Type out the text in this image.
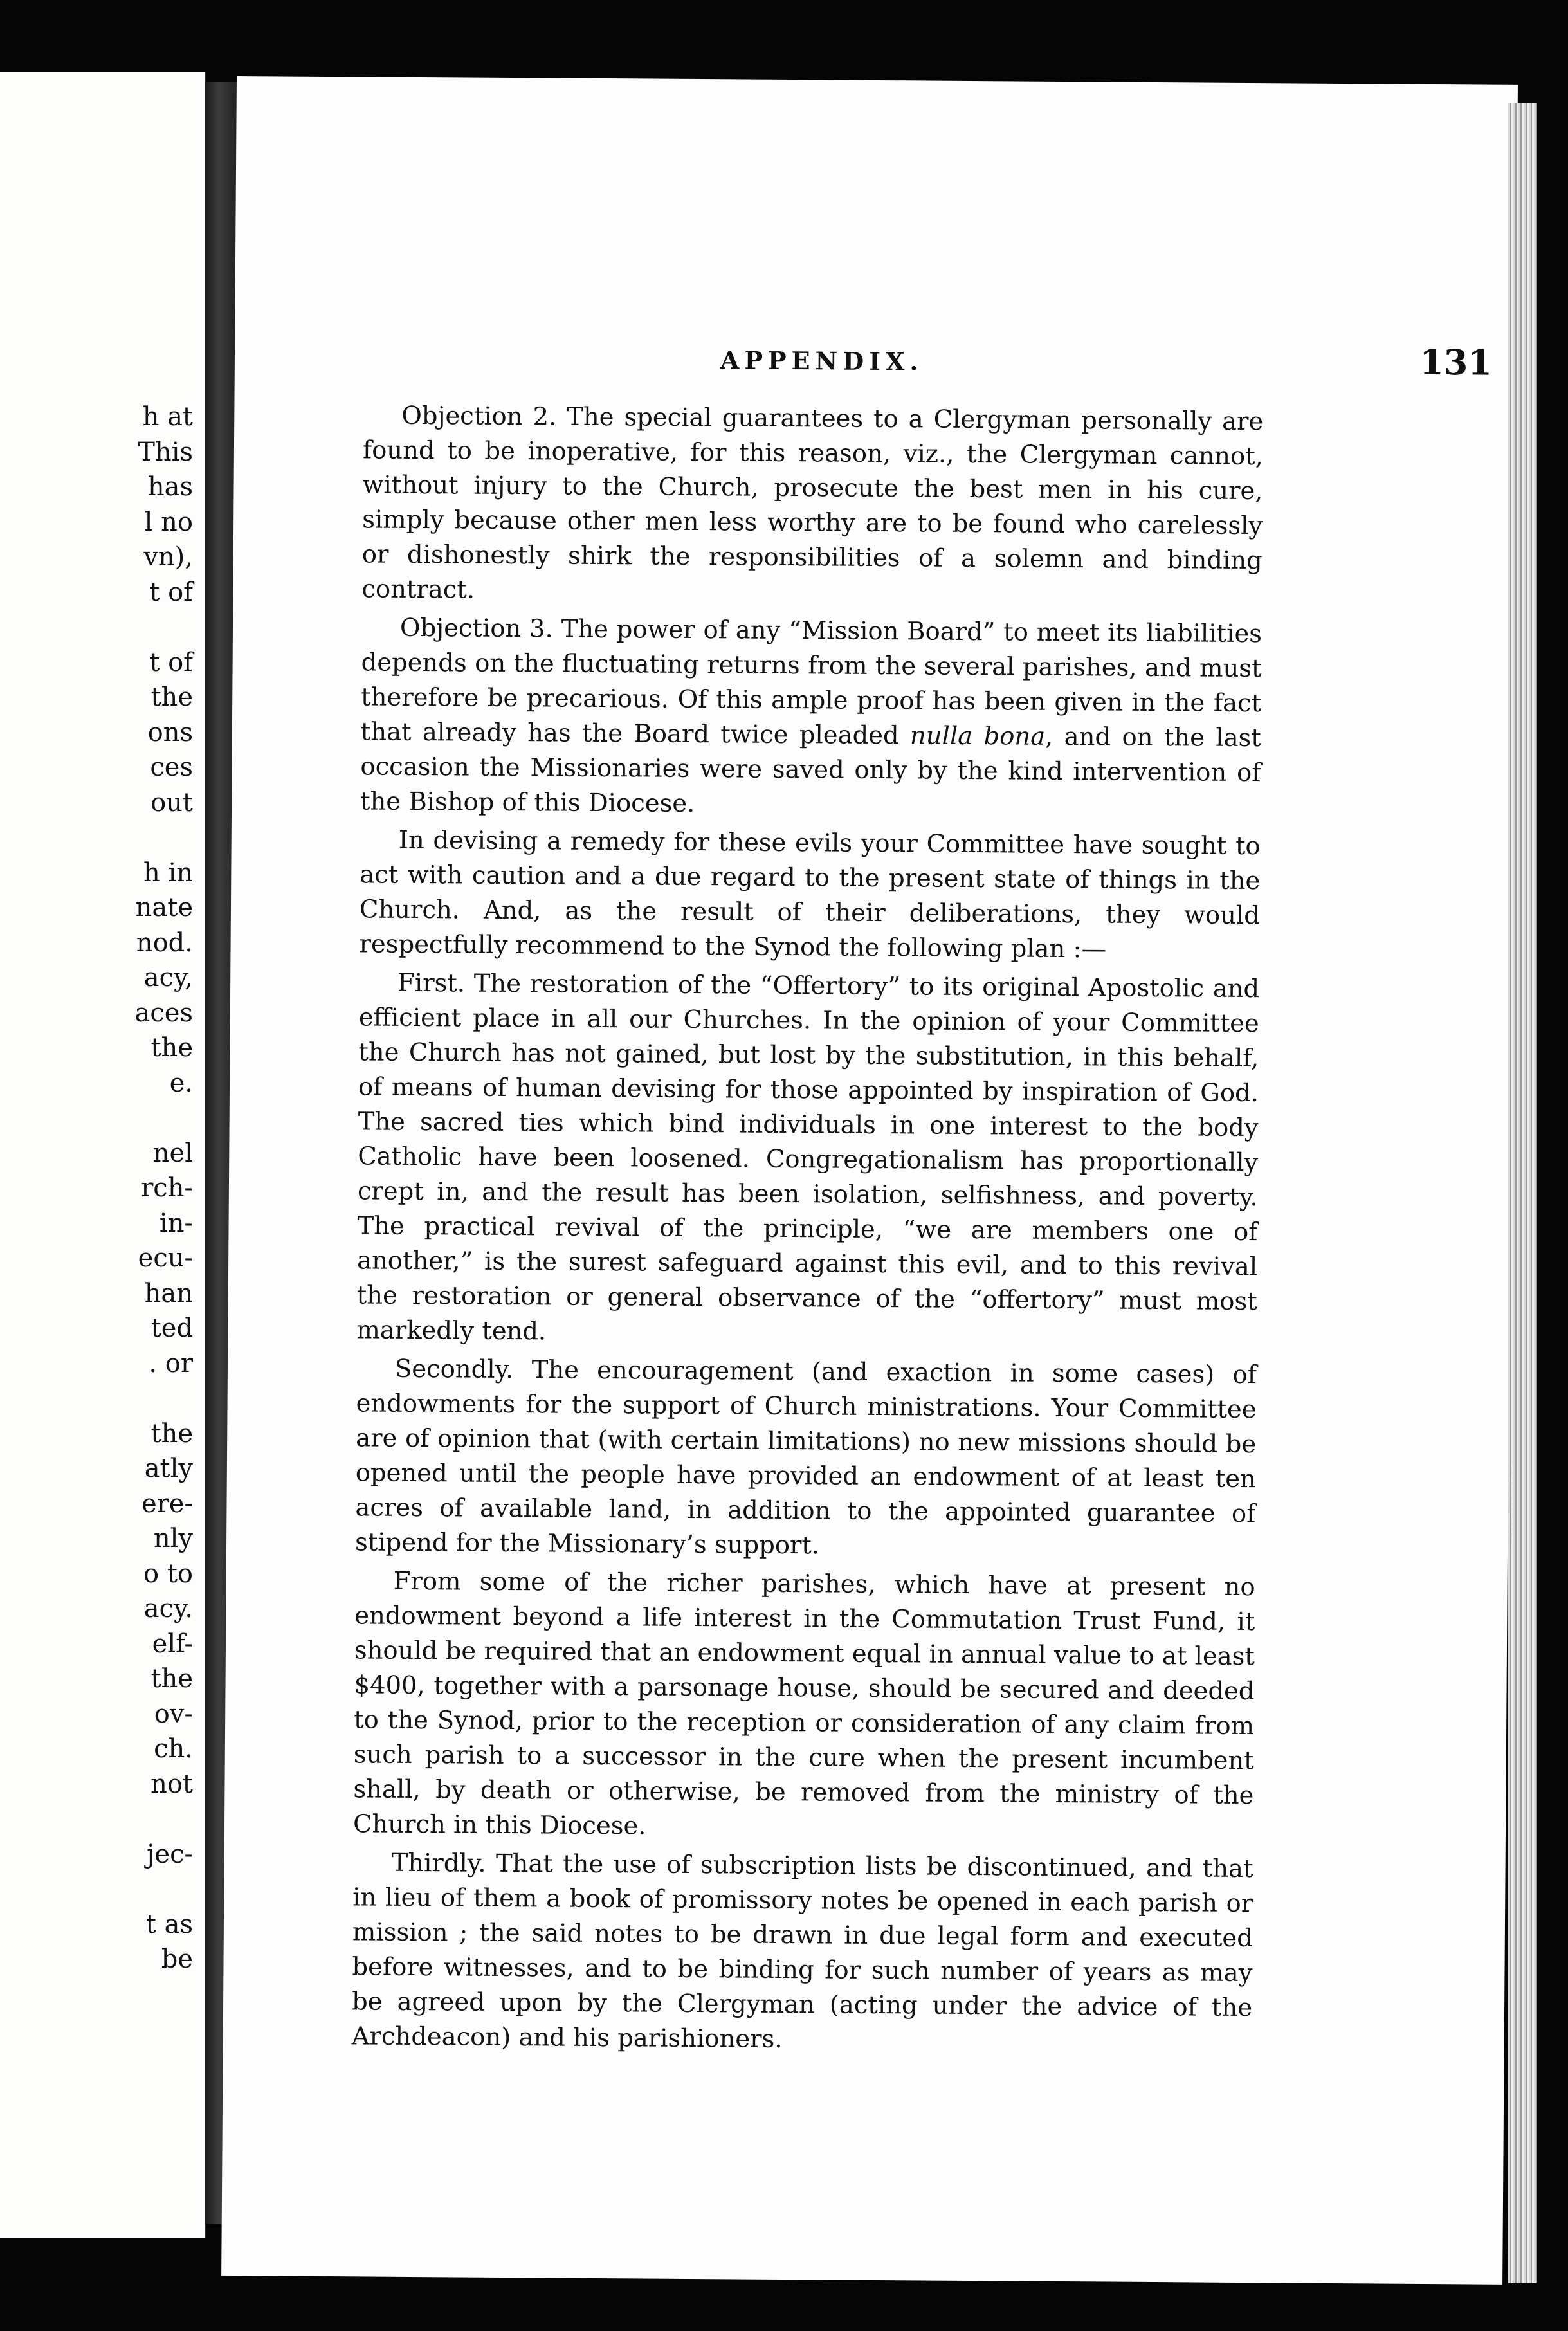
h at
This
has
l no
vn),
t of
t of
the
ons
ces
out
h in
nate
nod.
acy,
aces
the
e.
nel
rch-
in-
ecu-
han
ted
. or
the
atly
ere-
nly
o to
acy.
elf-
the
ov-
ch.
not
jec-
t as
be
APPENDIX.	131

Objection 2. The special guarantees to a Clergyman personally are found to be inoperative, for this reason, viz., the Clergyman cannot, without injury to the Church, prosecute the best men in his cure, simply because other men less worthy are to be found who carelessly or dishonestly shirk the responsibilities of a solemn and binding contract.

Objection 3. The power of any “Mission Board” to meet its liabilities depends on the fluctuating returns from the several parishes, and must therefore be precarious. Of this ample proof has been given in the fact that already has the Board twice pleaded nulla bona, and on the last occasion the Missionaries were saved only by the kind intervention of the Bishop of this Diocese.

In devising a remedy for these evils your Committee have sought to act with caution and a due regard to the present state of things in the Church. And, as the result of their deliberations, they would respectfully recommend to the Synod the following plan :—

First. The restoration of the “Offertory” to its original Apostolic and efficient place in all our Churches. In the opinion of your Committee the Church has not gained, but lost by the substitution, in this behalf, of means of human devising for those appointed by inspiration of God. The sacred ties which bind individuals in one interest to the body Catholic have been loosened. Congregationalism has proportionally crept in, and the result has been isolation, selfishness, and poverty. The practical revival of the principle, “we are members one of another,” is the surest safeguard against this evil, and to this revival the restoration or general observance of the “offertory” must most markedly tend.

Secondly. The encouragement (and exaction in some cases) of endowments for the support of Church ministrations. Your Committee are of opinion that (with certain limitations) no new missions should be opened until the people have provided an endowment of at least ten acres of available land, in addition to the appointed guarantee of stipend for the Missionary’s support.

From some of the richer parishes, which have at present no endowment beyond a life interest in the Commutation Trust Fund, it should be required that an endowment equal in annual value to at least $400, together with a parsonage house, should be secured and deeded to the Synod, prior to the reception or consideration of any claim from such parish to a successor in the cure when the present incumbent shall, by death or otherwise, be removed from the ministry of the Church in this Diocese.

Thirdly. That the use of subscription lists be discontinued, and that in lieu of them a book of promissory notes be opened in each parish or mission ; the said notes to be drawn in due legal form and executed before witnesses, and to be binding for such number of years as may be agreed upon by the Clergyman (acting under the advice of the Archdeacon) and his parishioners.
